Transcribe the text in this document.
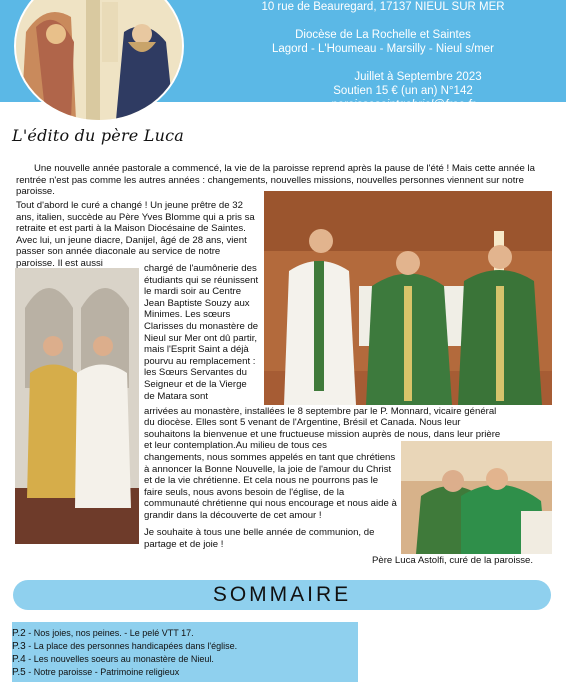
10 rue de Beauregard, 17137 NIEUL SUR MER
Diocèse de La Rochelle et Saintes
Lagord - L'Houmeau - Marsilly - Nieul s/mer
Juillet à Septembre 2023
Soutien 15 € (un an) N°142
paroissesaintgabriel@free.fr
L'édito du père Luca
Une nouvelle année pastorale a commencé, la vie de la paroisse reprend après la pause de l'été ! Mais cette année la rentrée n'est pas comme les autres années : changements, nouvelles missions, nouvelles personnes viennent sur notre paroisse.
Tout d'abord le curé a changé ! Un jeune prêtre de 32 ans, italien, succède au Père Yves Blomme qui a pris sa retraite et est parti à la Maison Diocésaine de Saintes. Avec lui, un jeune diacre, Danijel, âgé de 28 ans, vient passer son année diaconale au service de notre paroisse. Il est aussi	chargé de l'aumônerie des étudiants qui se réunissent le mardi soir au Centre Jean Baptiste Souzy aux Minimes. Les sœurs Clarisses du monastère de Nieul sur Mer ont dû partir, mais l'Esprit Saint a déjà pourvu au remplacement : les Sœurs Servantes du Seigneur et de la Vierge de Matara sont
arrivées au monastère, installées le 8 septembre par le P. Monnard, vicaire général
du diocèse. Elles sont 5 venant de l'Argentine, Brésil et Canada. Nous leur
souhaitons la bienvenue et une fructueuse mission auprès de nous, dans leur prière
et leur contemplation.Au milieu de tous ces
changements, nous sommes appelés en tant que chrétiens à annoncer la Bonne Nouvelle, la joie de l'amour du Christ et de la vie chrétienne. Et cela nous ne pourrons pas le faire seuls, nous avons besoin de l'église, de la communauté chrétienne qui nous encourage et nous aide à grandir dans la découverte de cet amour !
Je souhaite à tous une belle année de communion, de partage et de joie !
Père Luca Astolfi, curé de la paroisse.
SOMMAIRE
P.2 - Nos joies, nos peines. - Le pelé VTT 17.
P.3 - La place des personnes handicapées dans l'église.
P.4 - Les nouvelles soeurs au monastère de Nieul.
P.5 - Notre paroisse - Patrimoine religieux
